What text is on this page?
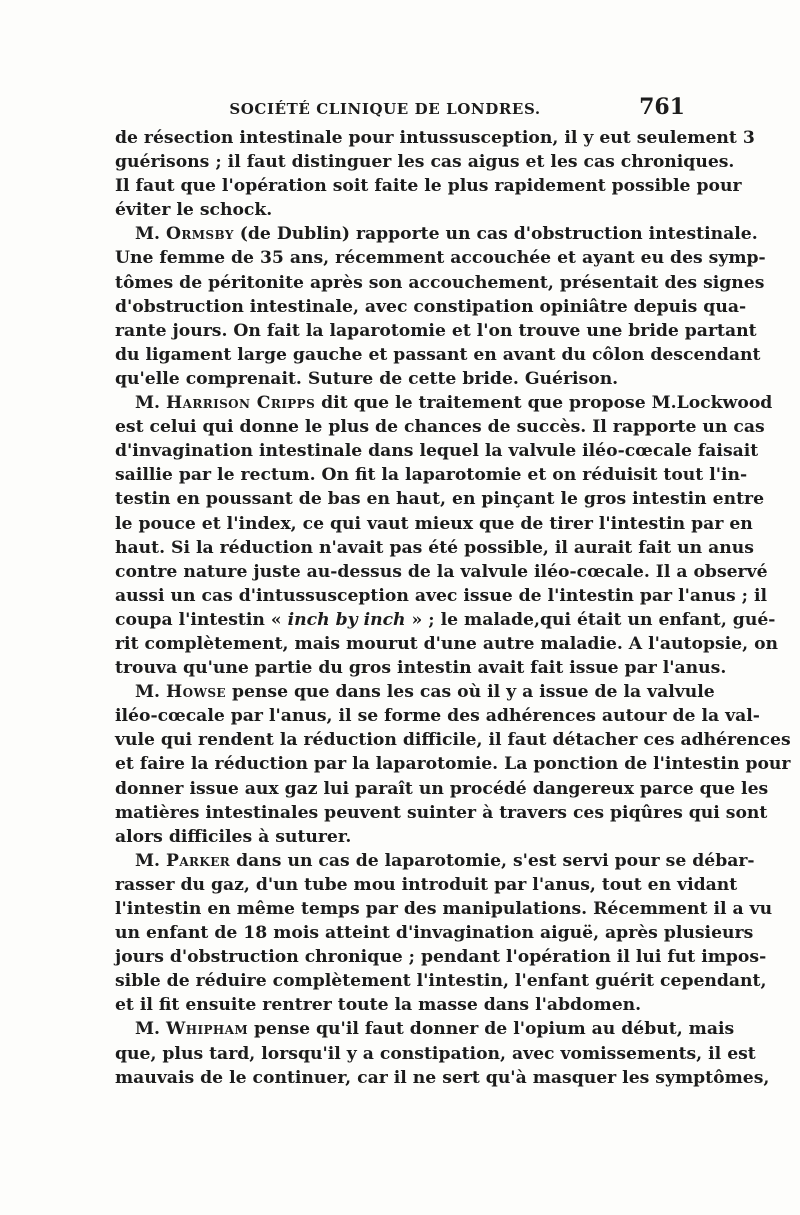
SOCIÉTÉ CLINIQUE DE LONDRES.	761
de résection intestinale pour intussusception, il y eut seulement 3
guérisons ; il faut distinguer les cas aigus et les cas chroniques.
Il faut que l'opération soit faite le plus rapidement possible pour
éviter le schock.
M. Ormsby (de Dublin) rapporte un cas d'obstruction intestinale.
Une femme de 35 ans, récemment accouchée et ayant eu des symp-
tômes de péritonite après son accouchement, présentait des signes
d'obstruction intestinale, avec constipation opiniâtre depuis qua-
rante jours. On fait la laparotomie et l'on trouve une bride partant
du ligament large gauche et passant en avant du côlon descendant
qu'elle comprenait. Suture de cette bride. Guérison.
M. Harrison Cripps dit que le traitement que propose M.Lockwood
est celui qui donne le plus de chances de succès. Il rapporte un cas
d'invagination intestinale dans lequel la valvule iléo-cœcale faisait
saillie par le rectum. On fit la laparotomie et on réduisit tout l'in-
testin en poussant de bas en haut, en pinçant le gros intestin entre
le pouce et l'index, ce qui vaut mieux que de tirer l'intestin par en
haut. Si la réduction n'avait pas été possible, il aurait fait un anus
contre nature juste au-dessus de la valvule iléo-cœcale. Il a observé
aussi un cas d'intussusception avec issue de l'intestin par l'anus ; il
coupa l'intestin « inch by inch » ; le malade,qui était un enfant, gué-
rit complètement, mais mourut d'une autre maladie. A l'autopsie, on
trouva qu'une partie du gros intestin avait fait issue par l'anus.
M. Howse pense que dans les cas où il y a issue de la valvule
iléo-cœcale par l'anus, il se forme des adhérences autour de la val-
vule qui rendent la réduction difficile, il faut détacher ces adhérences
et faire la réduction par la laparotomie. La ponction de l'intestin pour
donner issue aux gaz lui paraît un procédé dangereux parce que les
matières intestinales peuvent suinter à travers ces piqûres qui sont
alors difficiles à suturer.
M. Parker dans un cas de laparotomie, s'est servi pour se débar-
rasser du gaz, d'un tube mou introduit par l'anus, tout en vidant
l'intestin en même temps par des manipulations. Récemment il a vu
un enfant de 18 mois atteint d'invagination aiguë, après plusieurs
jours d'obstruction chronique ; pendant l'opération il lui fut impos-
sible de réduire complètement l'intestin, l'enfant guérit cependant,
et il fit ensuite rentrer toute la masse dans l'abdomen.
M. Whipham pense qu'il faut donner de l'opium au début, mais
que, plus tard, lorsqu'il y a constipation, avec vomissements, il est
mauvais de le continuer, car il ne sert qu'à masquer les symptômes,
